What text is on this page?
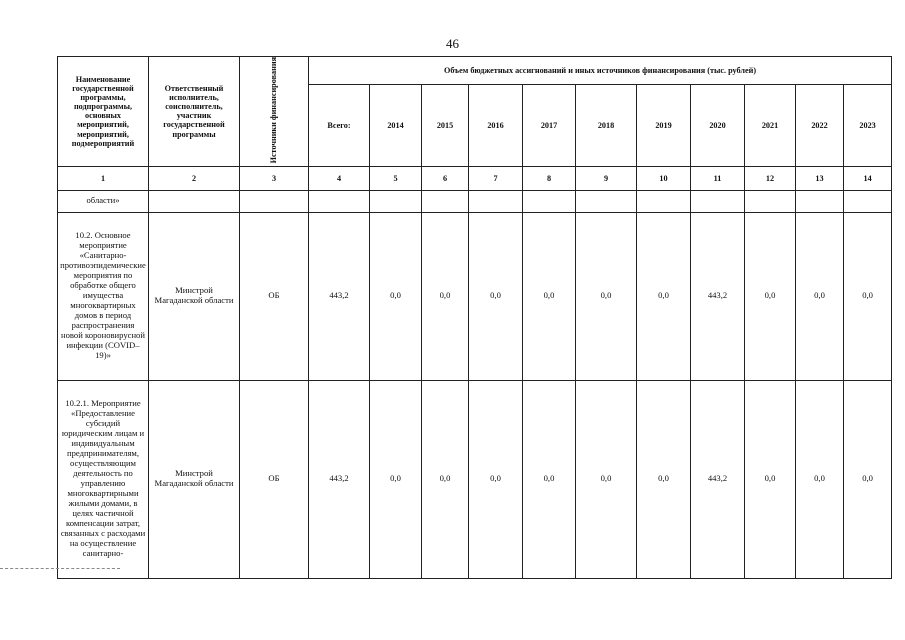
46
Наименование государственной программы, подпрограммы, основных мероприятий, мероприятий, подмероприятий	Ответственный исполнитель, соисполнитель, участник государственной программы	Источники финансирования	Объем бюджетных ассигнований и иных источников финансирования (тыс. рублей)										
			Всего:	2014	2015	2016	2017	2018	2019	2020	2021	2022	2023
1	2	3	4	5	6	7	8	9	10	11	12	13	14
области»													
10.2. Основное мероприятие «Санитарно-противоэпидемические мероприятия по обработке общего имущества многоквартирных домов в период распространения новой короновирусной инфекции (COVID–19)»	Минстрой Магаданской области	ОБ	443,2	0,0	0,0	0,0	0,0	0,0	0,0	443,2	0,0	0,0	0,0
10.2.1. Мероприятие «Предоставление субсидий юридическим лицам и индивидуальным предпринимателям, осуществляющим деятельность по управлению многоквартирными жилыми домами, в целях частичной компенсации затрат, связанных с расходами на осуществление санитарно-	Минстрой Магаданской области	ОБ	443,2	0,0	0,0	0,0	0,0	0,0	0,0	443,2	0,0	0,0	0,0
